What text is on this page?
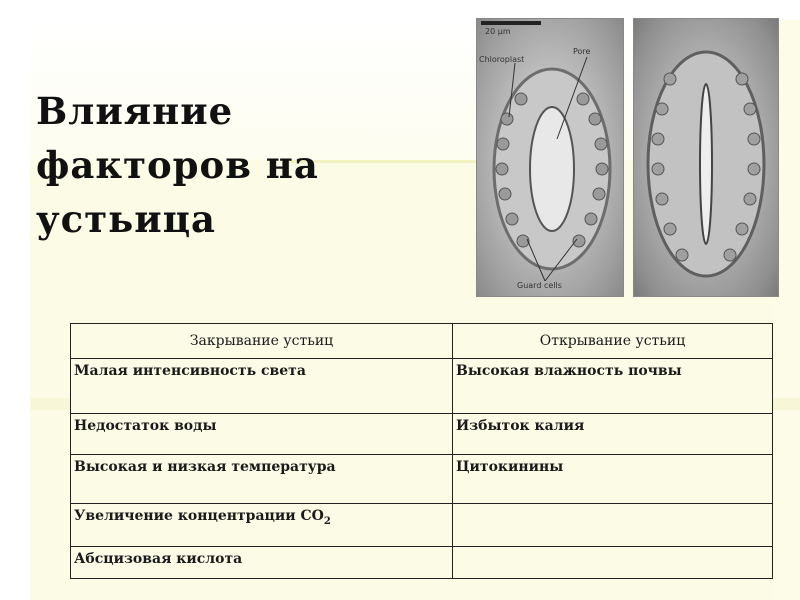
Влияние
факторов на
устьица
20 µm
Chloroplast
Pore
Guard cells
Закрывание устьиц	Открывание устьиц
Малая интенсивность света	Высокая влажность почвы
Недостаток воды	Избыток калия
Высокая и низкая температура	Цитокинины
Увеличение концентрации $СО_2$	
Абсцизовая кислота	
